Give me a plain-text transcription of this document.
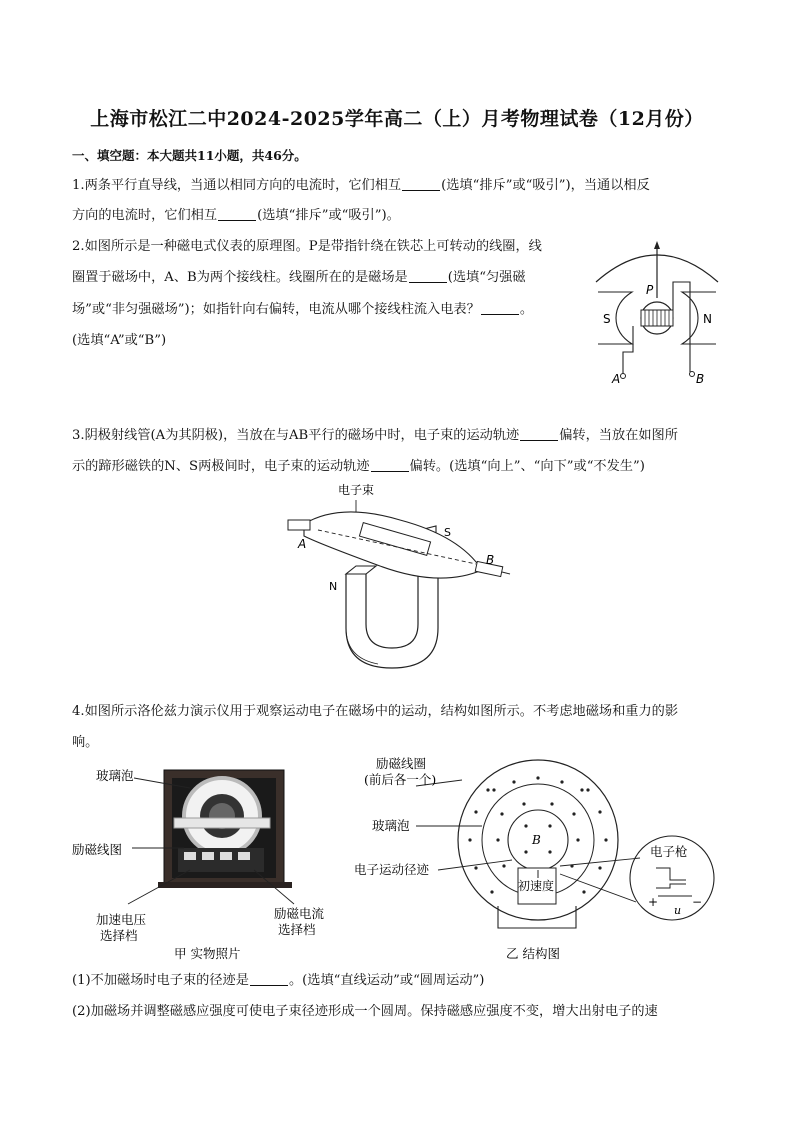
上海市松江二中2024-2025学年高二（上）月考物理试卷（12月份）
一、填空题：本大题共11小题，共46分。
1.两条平行直导线，当通以相同方向的电流时，它们相互	(选填“排斥”或“吸引”)，当通以相反
方向的电流时，它们相互	(选填“排斥”或“吸引”)。
2.如图所示是一种磁电式仪表的原理图。P是带指针绕在铁芯上可转动的线圈，线
圈置于磁场中，A、B为两个接线柱。线圈所在的是磁场是	(选填“匀强磁
场”或“非匀强磁场”)；如指针向右偏转，电流从哪个接线柱流入电表？	。
(选填“A”或“B”)
P
S	N
A	B
3.阴极射线管(A为其阴极)，当放在与AB平行的磁场中时，电子束的运动轨迹	偏转，当放在如图所
示的蹄形磁铁的N、S两极间时，电子束的运动轨迹	偏转。(选填“向上”、“向下”或“不发生”)
电子束
N
S
A
B
4.如图所示洛伦兹力演示仪用于观察运动电子在磁场中的运动，结构如图所示。不考虑地磁场和重力的影
响。
玻璃泡
励磁线图
加速电压
选择档
励磁电流
选择档
甲 实物照片
B
初速度
励磁线圈
(前后各一个)
玻璃泡
电子运动径迹
电子枪
+
u
−
乙 结构图
(1)不加磁场时电子束的径迹是	。(选填“直线运动”或“圆周运动”)
(2)加磁场并调整磁感应强度可使电子束径迹形成一个圆周。保持磁感应强度不变，增大出射电子的速
